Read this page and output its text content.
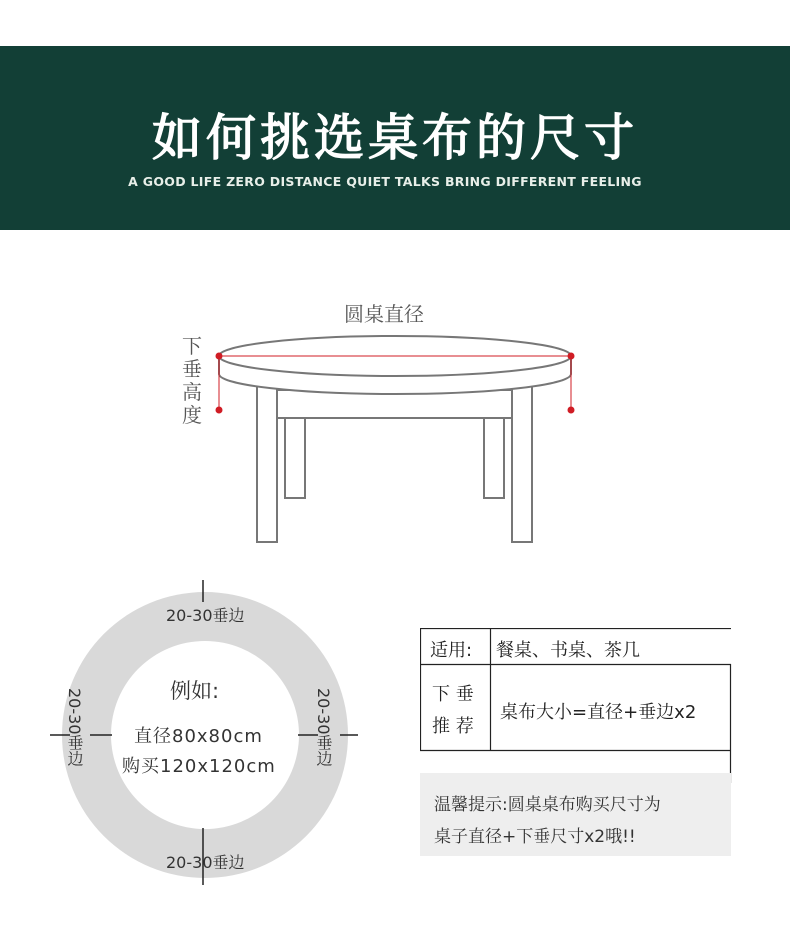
如何挑选桌布的尺寸
A GOOD LIFE ZERO DISTANCE QUIET TALKS BRING DIFFERENT FEELING
圆桌直径
下垂高度
20-30垂边
20-30垂边
20-30垂边	20-30垂边
例如:
直径80x80cm
购买120x120cm
适用: 餐桌、书桌、茶几
下 垂
推 荐
桌布大小=直径+垂边x2
温馨提示:圆桌桌布购买尺寸为
桌子直径+下垂尺寸x2哦!!
